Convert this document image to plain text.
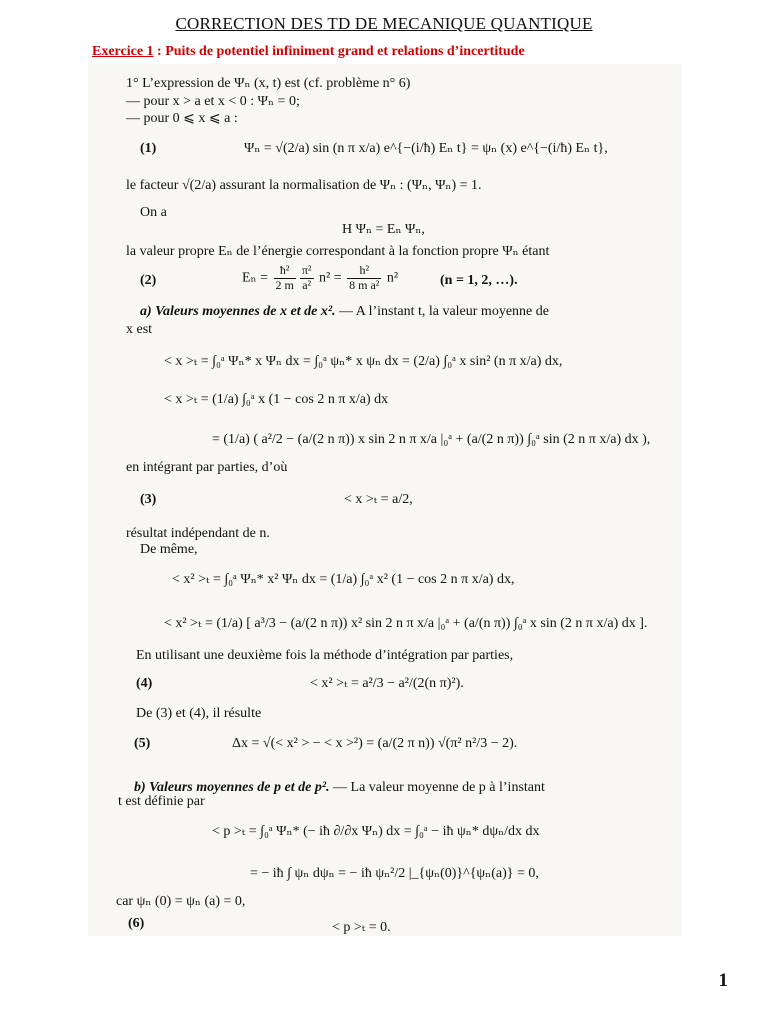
CORRECTION DES TD DE MECANIQUE QUANTIQUE
Exercice 1 : Puits de potentiel infiniment grand et relations d’incertitude
1° L’expression de Ψₙ (x, t) est (cf. problème n° 6)
— pour x > a et x < 0 : Ψₙ = 0;
— pour 0 ⩽ x ⩽ a :
(1)	Ψₙ = √(2/a) sin (n π x/a) e^{−(i/ħ) Eₙ t} = ψₙ (x) e^{−(i/ħ) Eₙ t},
le facteur √(2/a) assurant la normalisation de Ψₙ : (Ψₙ, Ψₙ) = 1.
On a
H Ψₙ = Eₙ Ψₙ,
la valeur propre Eₙ de l’énergie correspondant à la fonction propre Ψₙ étant
(2)	$E_n = \frac{\text{ħ²}}{2 m} \frac{\text{π²}}{\text{a²}} n^2 = \frac{\text{h²}}{\text{8 m a²}} n^2$	(n = 1, 2, …).
a) Valeurs moyennes de x et de x². — A l’instant t, la valeur moyenne de
x est
< x >ₜ = ∫₀ᵃ Ψₙ* x Ψₙ dx = ∫₀ᵃ ψₙ* x ψₙ dx = (2/a) ∫₀ᵃ x sin² (n π x/a) dx,
< x >ₜ = (1/a) ∫₀ᵃ x (1 − cos 2 n π x/a) dx
= (1/a) ( a²/2 − (a/(2 n π)) x sin 2 n π x/a |₀ᵃ + (a/(2 n π)) ∫₀ᵃ sin (2 n π x/a) dx ),
en intégrant par parties, d’où
(3)	< x >ₜ = a/2,
résultat indépendant de n.
De même,
< x² >ₜ = ∫₀ᵃ Ψₙ* x² Ψₙ dx = (1/a) ∫₀ᵃ x² (1 − cos 2 n π x/a) dx,
< x² >ₜ = (1/a) [ a³/3 − (a/(2 n π)) x² sin 2 n π x/a |₀ᵃ + (a/(n π)) ∫₀ᵃ x sin (2 n π x/a) dx ].
En utilisant une deuxième fois la méthode d’intégration par parties,
(4)	< x² >ₜ = a²/3 − a²/(2(n π)²).
De (3) et (4), il résulte
(5)	Δx = √(< x² > − < x >²) = (a/(2 π n)) √(π² n²/3 − 2).
b) Valeurs moyennes de p et de p². — La valeur moyenne de p à l’instant
t est définie par
< p >ₜ = ∫₀ᵃ Ψₙ* (− iħ ∂/∂x Ψₙ) dx = ∫₀ᵃ − iħ ψₙ* dψₙ/dx dx
= − iħ ∫ ψₙ dψₙ = − iħ ψₙ²/2 |_{ψₙ(0)}^{ψₙ(a)} = 0,
car ψₙ (0) = ψₙ (a) = 0,
(6)	< p >ₜ = 0.
1
